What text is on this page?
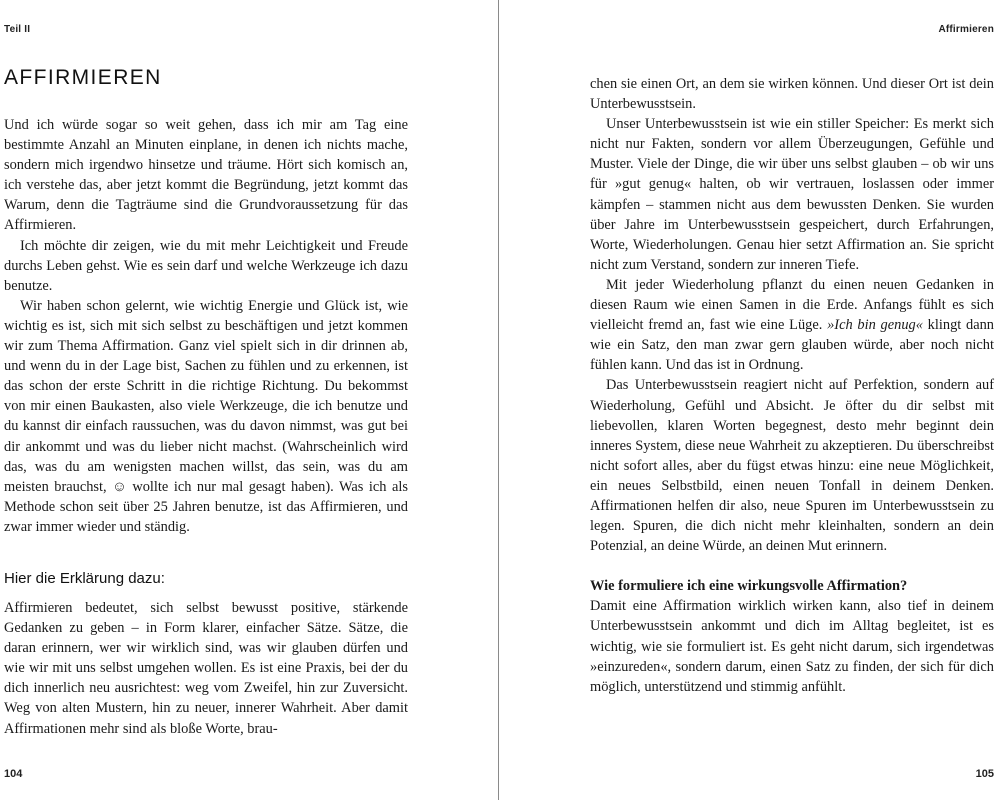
Teil II
AFFIRMIEREN

Und ich würde sogar so weit gehen, dass ich mir am Tag eine bestimmte Anzahl an Minuten einplane, in denen ich nichts mache, sondern mich irgendwo hinsetze und träume. Hört sich komisch an, ich verstehe das, aber jetzt kommt die Begründung, jetzt kommt das Warum, denn die Tagträume sind die Grundvoraussetzung für das Affirmieren.

Ich möchte dir zeigen, wie du mit mehr Leichtigkeit und Freude durchs Leben gehst. Wie es sein darf und welche Werkzeuge ich dazu benutze.

Wir haben schon gelernt, wie wichtig Energie und Glück ist, wie wichtig es ist, sich mit sich selbst zu beschäftigen und jetzt kommen wir zum Thema Affirmation. Ganz viel spielt sich in dir drinnen ab, und wenn du in der Lage bist, Sachen zu fühlen und zu erkennen, ist das schon der erste Schritt in die richtige Richtung. Du bekommst von mir einen Baukasten, also viele Werkzeuge, die ich benutze und du kannst dir einfach raussuchen, was du davon nimmst, was gut bei dir ankommt und was du lieber nicht machst. (Wahrscheinlich wird das, was du am wenigsten machen willst, das sein, was du am meisten brauchst, ☺ wollte ich nur mal gesagt haben). Was ich als Methode schon seit über 25 Jahren benutze, ist das Affirmieren, und zwar immer wieder und ständig.

Hier die Erklärung dazu:

Affirmieren bedeutet, sich selbst bewusst positive, stärkende Gedanken zu geben – in Form klarer, einfacher Sätze. Sätze, die daran erinnern, wer wir wirklich sind, was wir glauben dürfen und wie wir mit uns selbst umgehen wollen. Es ist eine Praxis, bei der du dich innerlich neu ausrichtest: weg vom Zweifel, hin zur Zuversicht. Weg von alten Mustern, hin zu neuer, innerer Wahrheit. Aber damit Affirmationen mehr sind als bloße Worte, brau-

104
Affirmieren

chen sie einen Ort, an dem sie wirken können. Und dieser Ort ist dein Unterbewusstsein.

Unser Unterbewusstsein ist wie ein stiller Speicher: Es merkt sich nicht nur Fakten, sondern vor allem Überzeugungen, Gefühle und Muster. Viele der Dinge, die wir über uns selbst glauben – ob wir uns für »gut genug« halten, ob wir vertrauen, loslassen oder immer kämpfen – stammen nicht aus dem bewussten Denken. Sie wurden über Jahre im Unterbewusstsein gespeichert, durch Erfahrungen, Worte, Wiederholungen. Genau hier setzt Affirmation an. Sie spricht nicht zum Verstand, sondern zur inneren Tiefe.

Mit jeder Wiederholung pflanzt du einen neuen Gedanken in diesen Raum wie einen Samen in die Erde. Anfangs fühlt es sich vielleicht fremd an, fast wie eine Lüge. »Ich bin genug« klingt dann wie ein Satz, den man zwar gern glauben würde, aber noch nicht fühlen kann. Und das ist in Ordnung.

Das Unterbewusstsein reagiert nicht auf Perfektion, sondern auf Wiederholung, Gefühl und Absicht. Je öfter du dir selbst mit liebevollen, klaren Worten begegnest, desto mehr beginnt dein inneres System, diese neue Wahrheit zu akzeptieren. Du überschreibst nicht sofort alles, aber du fügst etwas hinzu: eine neue Möglichkeit, ein neues Selbstbild, einen neuen Tonfall in deinem Denken. Affirmationen helfen dir also, neue Spuren im Unterbewusstsein zu legen. Spuren, die dich nicht mehr kleinhalten, sondern an dein Potenzial, an deine Würde, an deinen Mut erinnern.

Wie formuliere ich eine wirkungsvolle Affirmation?

Damit eine Affirmation wirklich wirken kann, also tief in deinem Unterbewusstsein ankommt und dich im Alltag begleitet, ist es wichtig, wie sie formuliert ist. Es geht nicht darum, sich irgendetwas »einzureden«, sondern darum, einen Satz zu finden, der sich für dich möglich, unterstützend und stimmig anfühlt.

105
